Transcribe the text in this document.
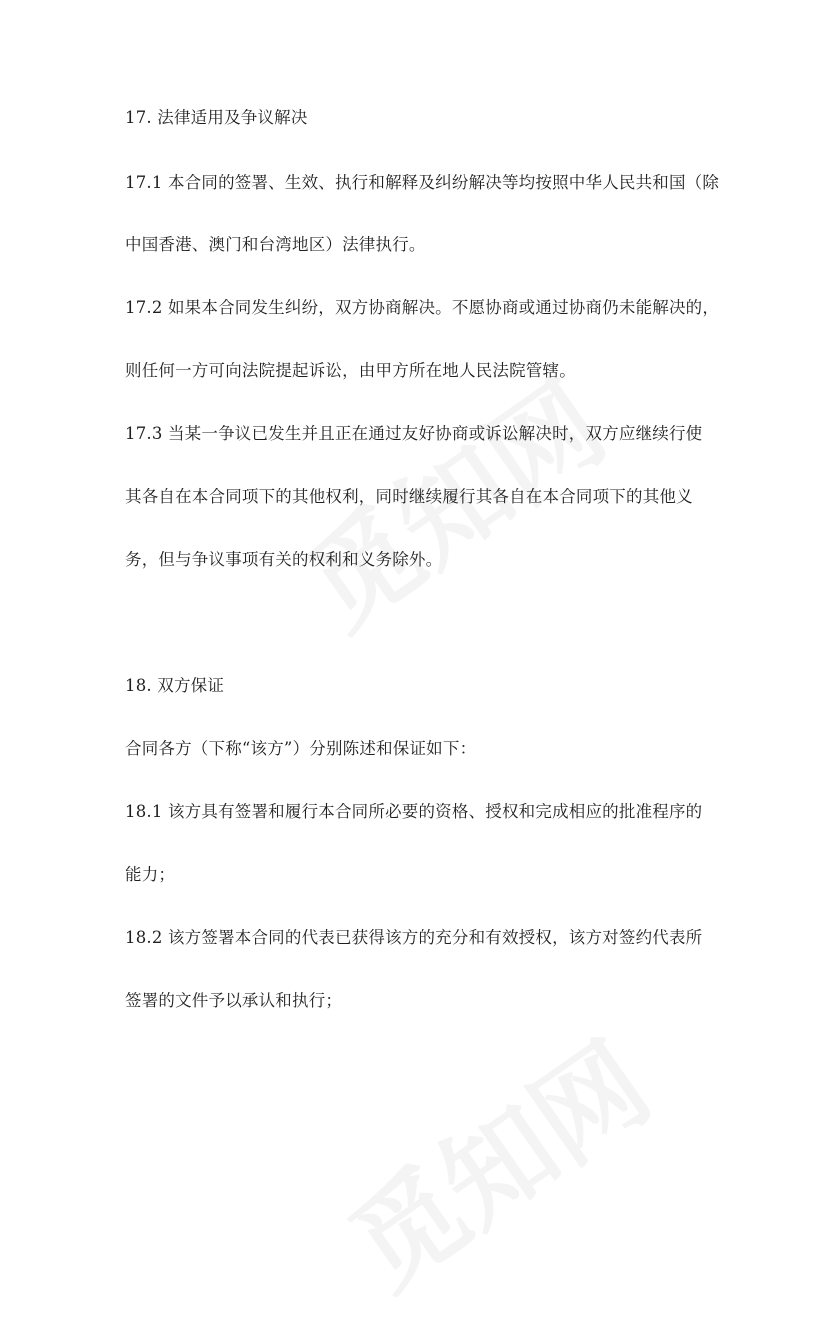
17. 法律适用及争议解决
17.1 本合同的签署、生效、执行和解释及纠纷解决等均按照中华人民共和国（除
中国香港、澳门和台湾地区）法律执行。
17.2 如果本合同发生纠纷，双方协商解决。不愿协商或通过协商仍未能解决的，
则任何一方可向法院提起诉讼，由甲方所在地人民法院管辖。
17.3 当某一争议已发生并且正在通过友好协商或诉讼解决时，双方应继续行使
其各自在本合同项下的其他权利，同时继续履行其各自在本合同项下的其他义
务，但与争议事项有关的权利和义务除外。
18. 双方保证
合同各方（下称“该方”）分别陈述和保证如下：
18.1 该方具有签署和履行本合同所必要的资格、授权和完成相应的批准程序的
能力；
18.2 该方签署本合同的代表已获得该方的充分和有效授权，该方对签约代表所
签署的文件予以承认和执行；
